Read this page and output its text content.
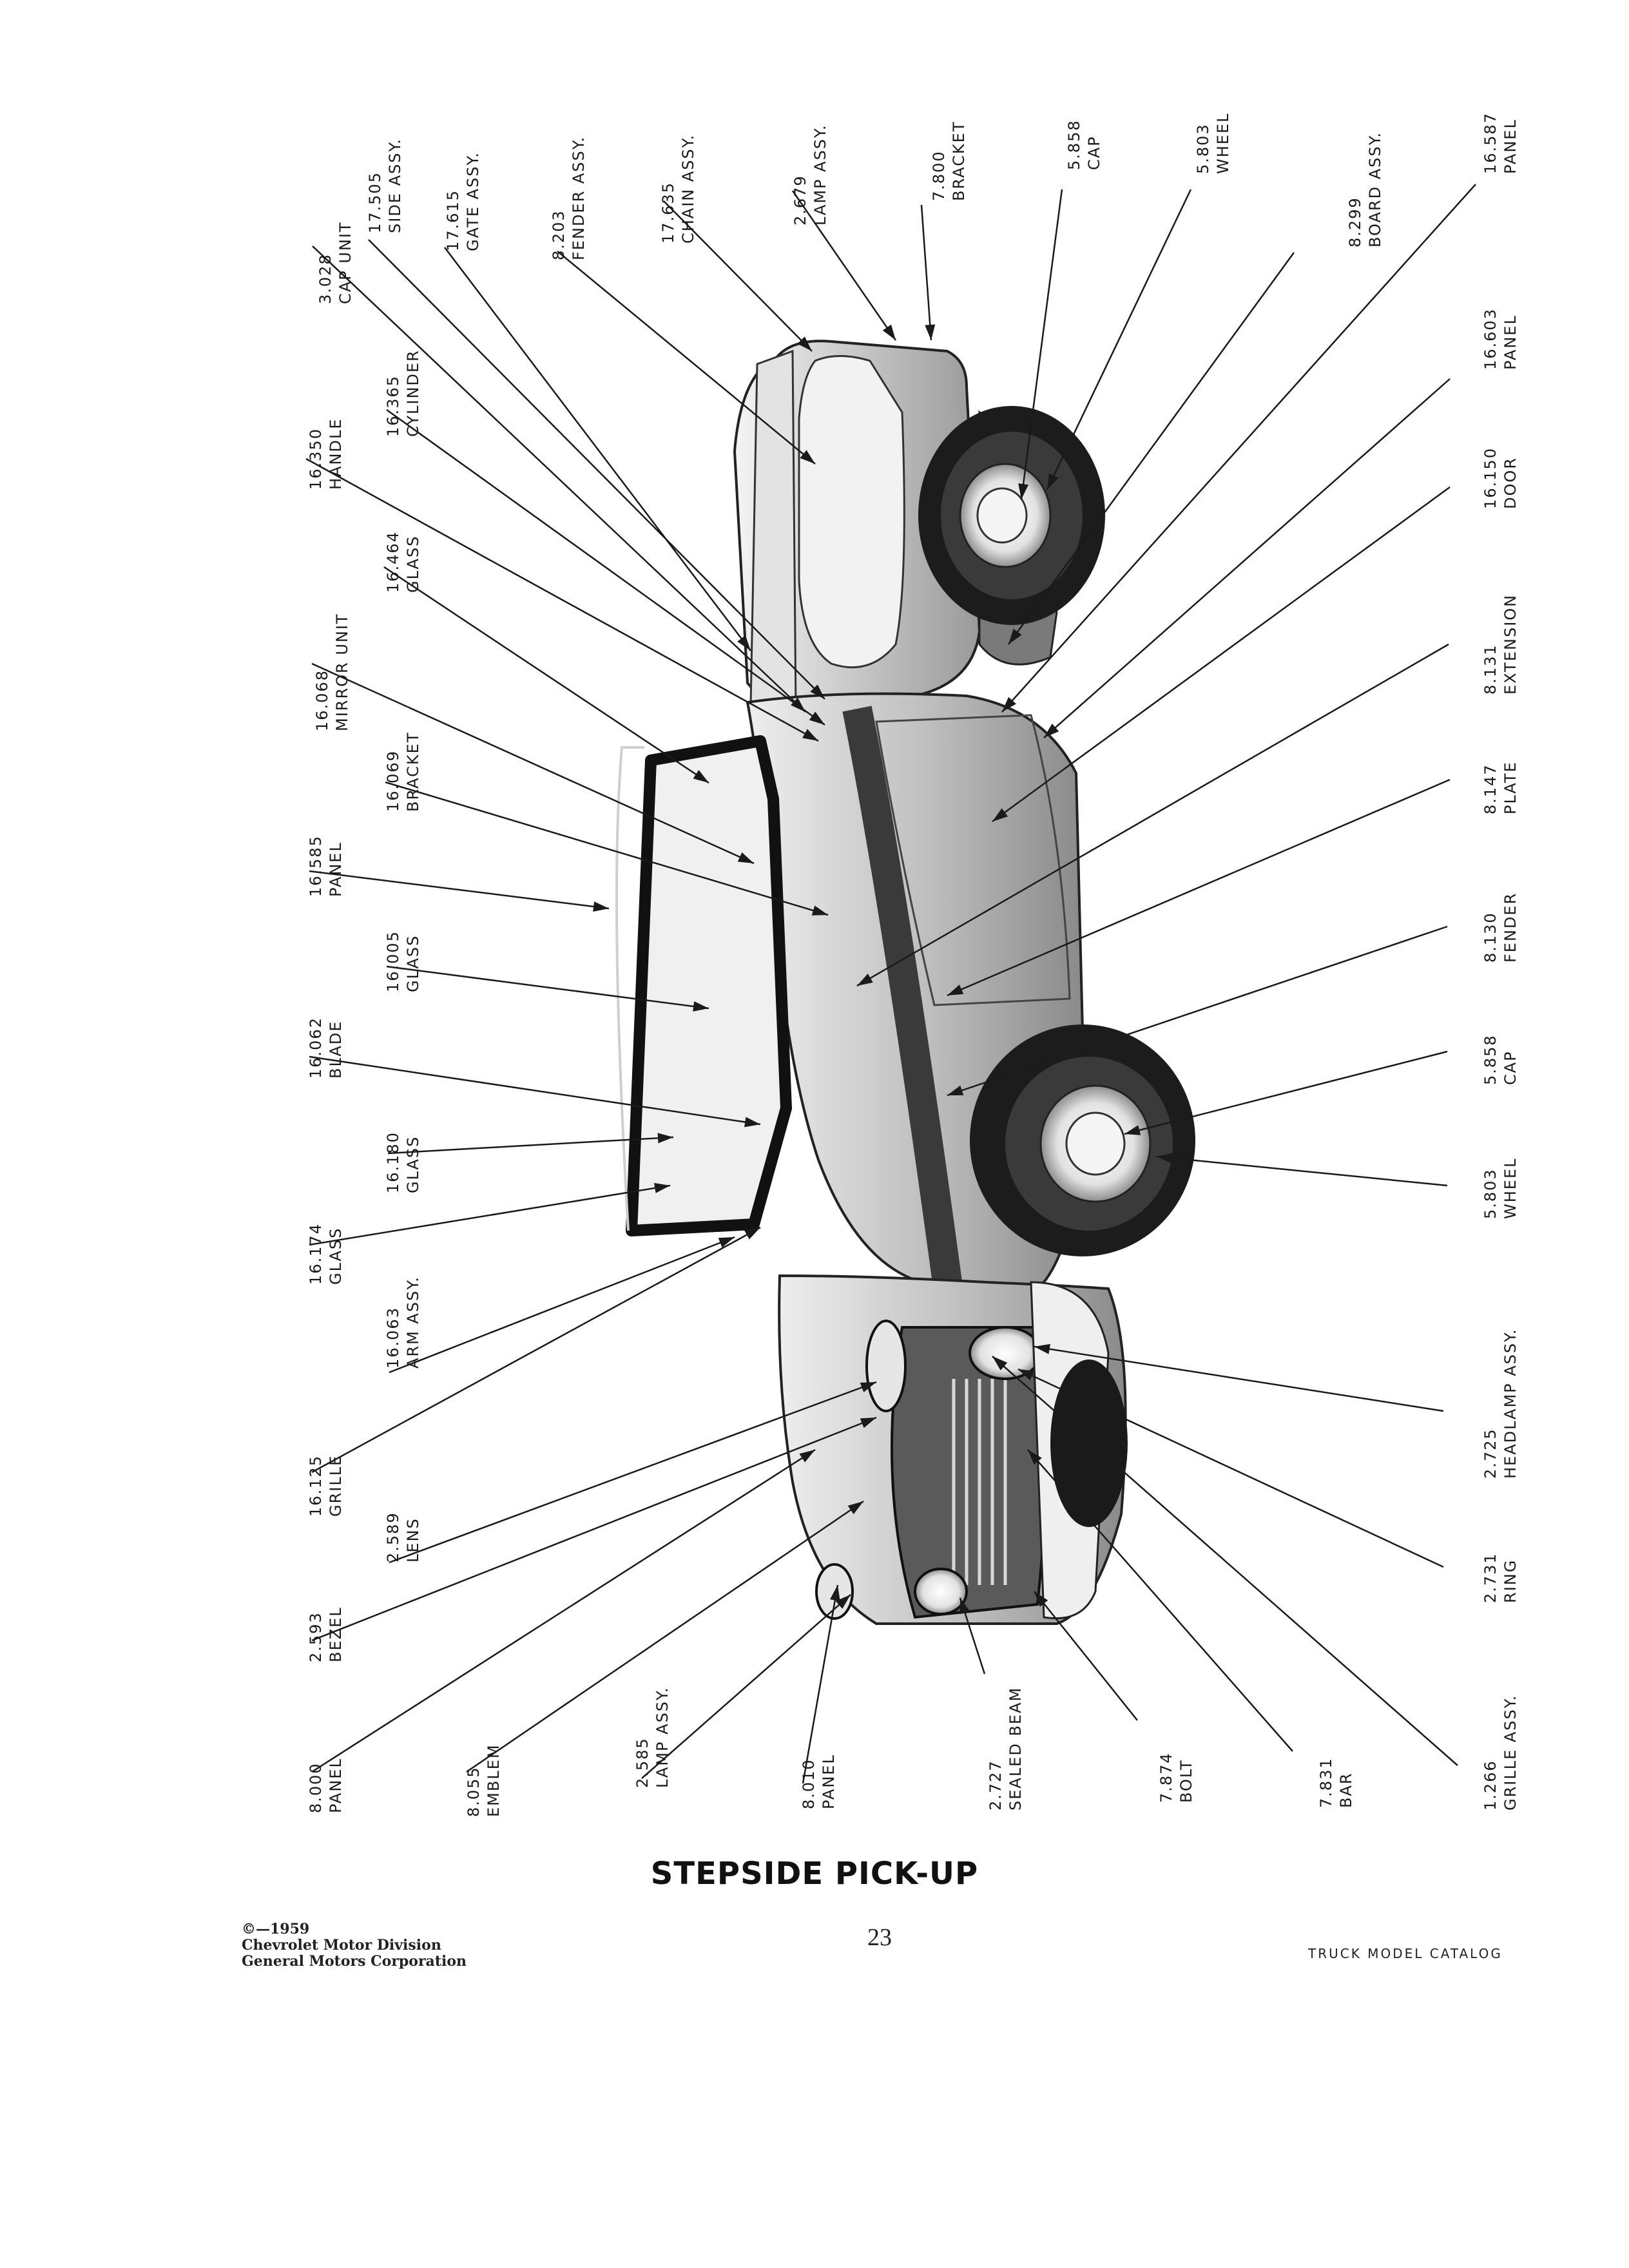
3.028 CAP UNIT
17.505 SIDE ASSY.	17.615 GATE ASSY.	8.203 FENDER ASSY.	17.635 CHAIN ASSY.	2.679 LAMP ASSY.	7.800 BRACKET	5.858 CAP	5.803 WHEEL
8.299 BOARD ASSY.	16.587 PANEL
16.365 CYLINDER
16.603 PANEL
16.350 HANDLE	16.150 DOOR
16.464 GLASS
16.068 MIRROR UNIT	8.131 EXTENSION
16.069 BRACKET	8.147 PLATE
16.585 PANEL
16.005 GLASS	8.130 FENDER
16.062 BLADE	5.858 CAP
16.180 GLASS
5.803 WHEEL
16.174 GLASS
16.063 ARM ASSY.
2.725 HEADLAMP ASSY.
16.125 GRILLE
2.589 LENS
2.731 RING
2.593 BEZEL
8.000 PANEL	8.055 EMBLEM	2.585 LAMP ASSY.	8.010 PANEL	2.727 SEALED BEAM	7.874 BOLT	7.831 BAR	1.266 GRILLE ASSY.
STEPSIDE PICK-UP
©—1959
Chevrolet Motor Division
General Motors Corporation
23
TRUCK MODEL CATALOG
